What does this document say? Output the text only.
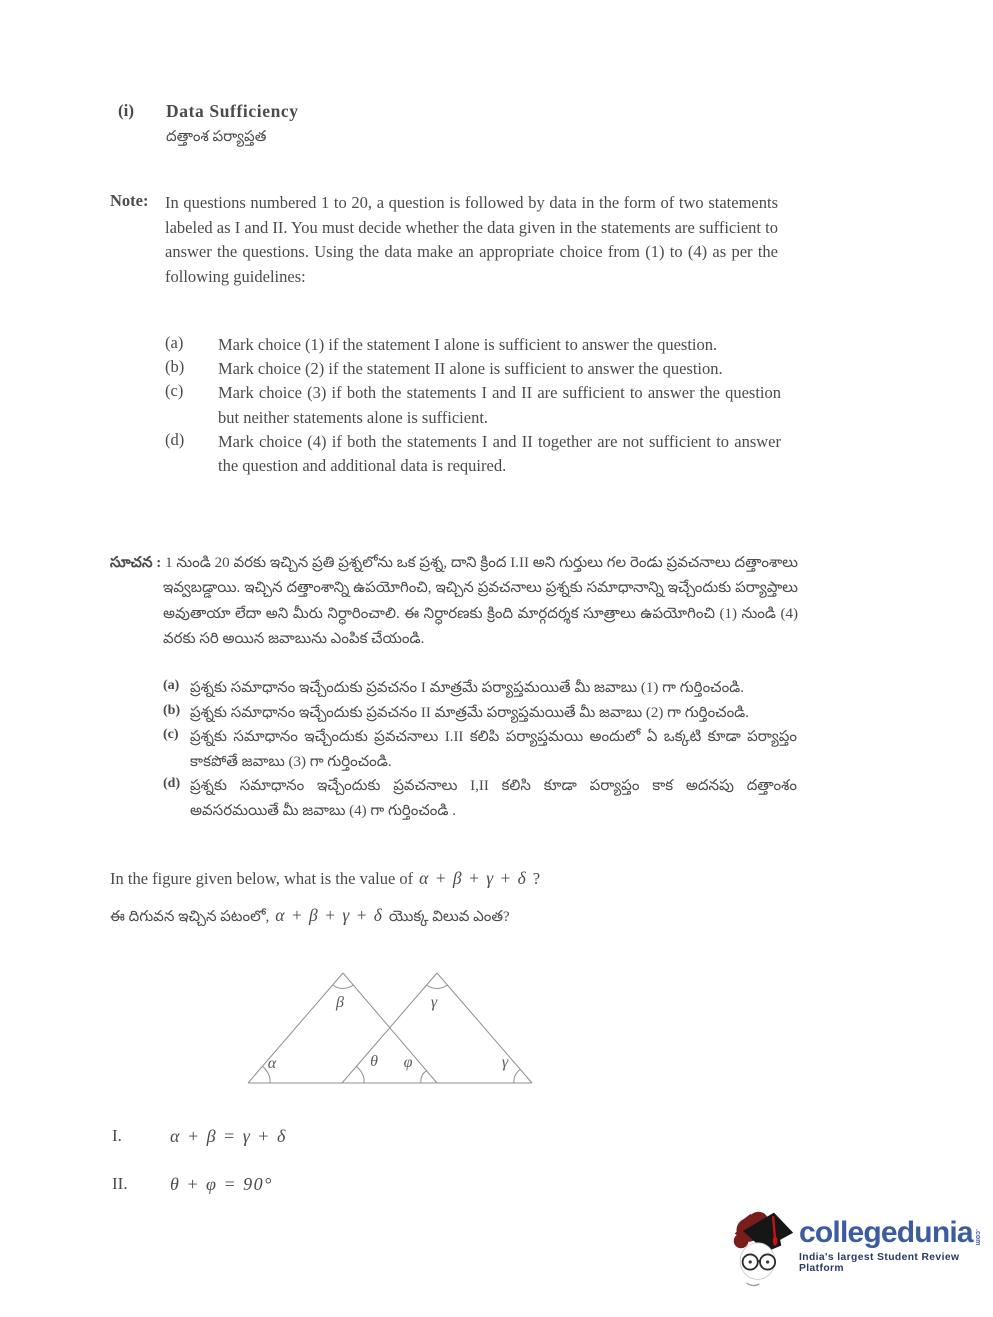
(i) Data Sufficiency
దత్తాంశ పర్యాప్తత
Note:	In questions numbered 1 to 20, a question is followed by data in the form of two statements labeled as I and II. You must decide whether the data given in the statements are sufficient to answer the questions. Using the data make an appropriate choice from (1) to (4) as per the following guidelines:
(a)	Mark choice (1) if the statement I alone is sufficient to answer the question.
(b)	Mark choice (2) if the statement II alone is sufficient to answer the question.
(c)	Mark choice (3) if both the statements I and II are sufficient to answer the question but neither statements alone is sufficient.
(d)	Mark choice (4) if both the statements I and II together are not sufficient to answer the question and additional data is required.
సూచన : 1 నుండి 20 వరకు ఇచ్చిన ప్రతి ప్రశ్నలోను ఒక ప్రశ్న, దాని క్రింద I.II అని గుర్తులు గల రెండు ప్రవచనాలు దత్తాంశాలు ఇవ్వబడ్డాయి. ఇచ్చిన దత్తాంశాన్ని ఉపయోగించి, ఇచ్చిన ప్రవచనాలు ప్రశ్నకు సమాధానాన్ని ఇచ్చేందుకు పర్యాప్తాలు అవుతాయా లేదా అని మీరు నిర్ధారించాలి. ఈ నిర్ధారణకు క్రింది మార్గదర్శక సూత్రాలు ఉపయోగించి (1) నుండి (4) వరకు సరి అయిన జవాబును ఎంపిక చేయండి.
(a) ప్రశ్నకు సమాధానం ఇచ్చేందుకు ప్రవచనం I మాత్రమే పర్యాప్తమయితే మీ జవాబు (1) గా గుర్తించండి.
(b) ప్రశ్నకు సమాధానం ఇచ్చేందుకు ప్రవచనం II మాత్రమే పర్యాప్తమయితే మీ జవాబు (2) గా గుర్తించండి.
(c) ప్రశ్నకు సమాధానం ఇచ్చేందుకు ప్రవచనాలు I.II కలిపి పర్యాప్తమయి అందులో ఏ ఒక్కటి కూడా పర్యాప్తం కాకపోతే జవాబు (3) గా గుర్తించండి.
(d) ప్రశ్నకు సమాధానం ఇచ్చేందుకు ప్రవచనాలు I,II కలిసి కూడా పర్యాప్తం కాక అదనపు దత్తాంశం అవసరమయితే మీ జవాబు (4) గా గుర్తించండి .
In the figure given below, what is the value of α + β + γ + δ ?
ఈ దిగువన ఇచ్చిన పటంలో, α + β + γ + δ యొక్క విలువ ఎంత?
α
β	γ
θ φ	γ
I.	α + β = γ + δ
II.	θ + φ = 90°
collegedunia .com
India's largest Student Review Platform
